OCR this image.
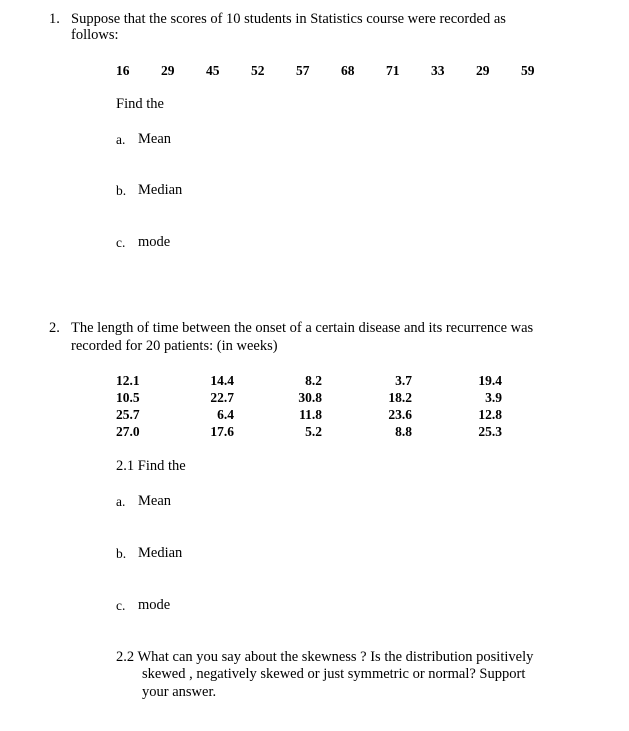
1. Suppose that the scores of 10 students in Statistics course were recorded as
follows:
16 29 45 52 57 68 71 33 29 59
Find the
a. Mean
b. Median
c. mode
2. The length of time between the onset of a certain disease and its recurrence was
recorded for 20 patients: (in weeks)
12.1
10.5
25.7
27.0
14.4
22.7
6.4
17.6
8.2
30.8
11.8
5.2
3.7
18.2
23.6
8.8
19.4
3.9
12.8
25.3
2.1 Find the
a. Mean
b. Median
c. mode
2.2 What can you say about the skewness ? Is the distribution positively
skewed , negatively skewed or just symmetric or normal? Support
your answer.
